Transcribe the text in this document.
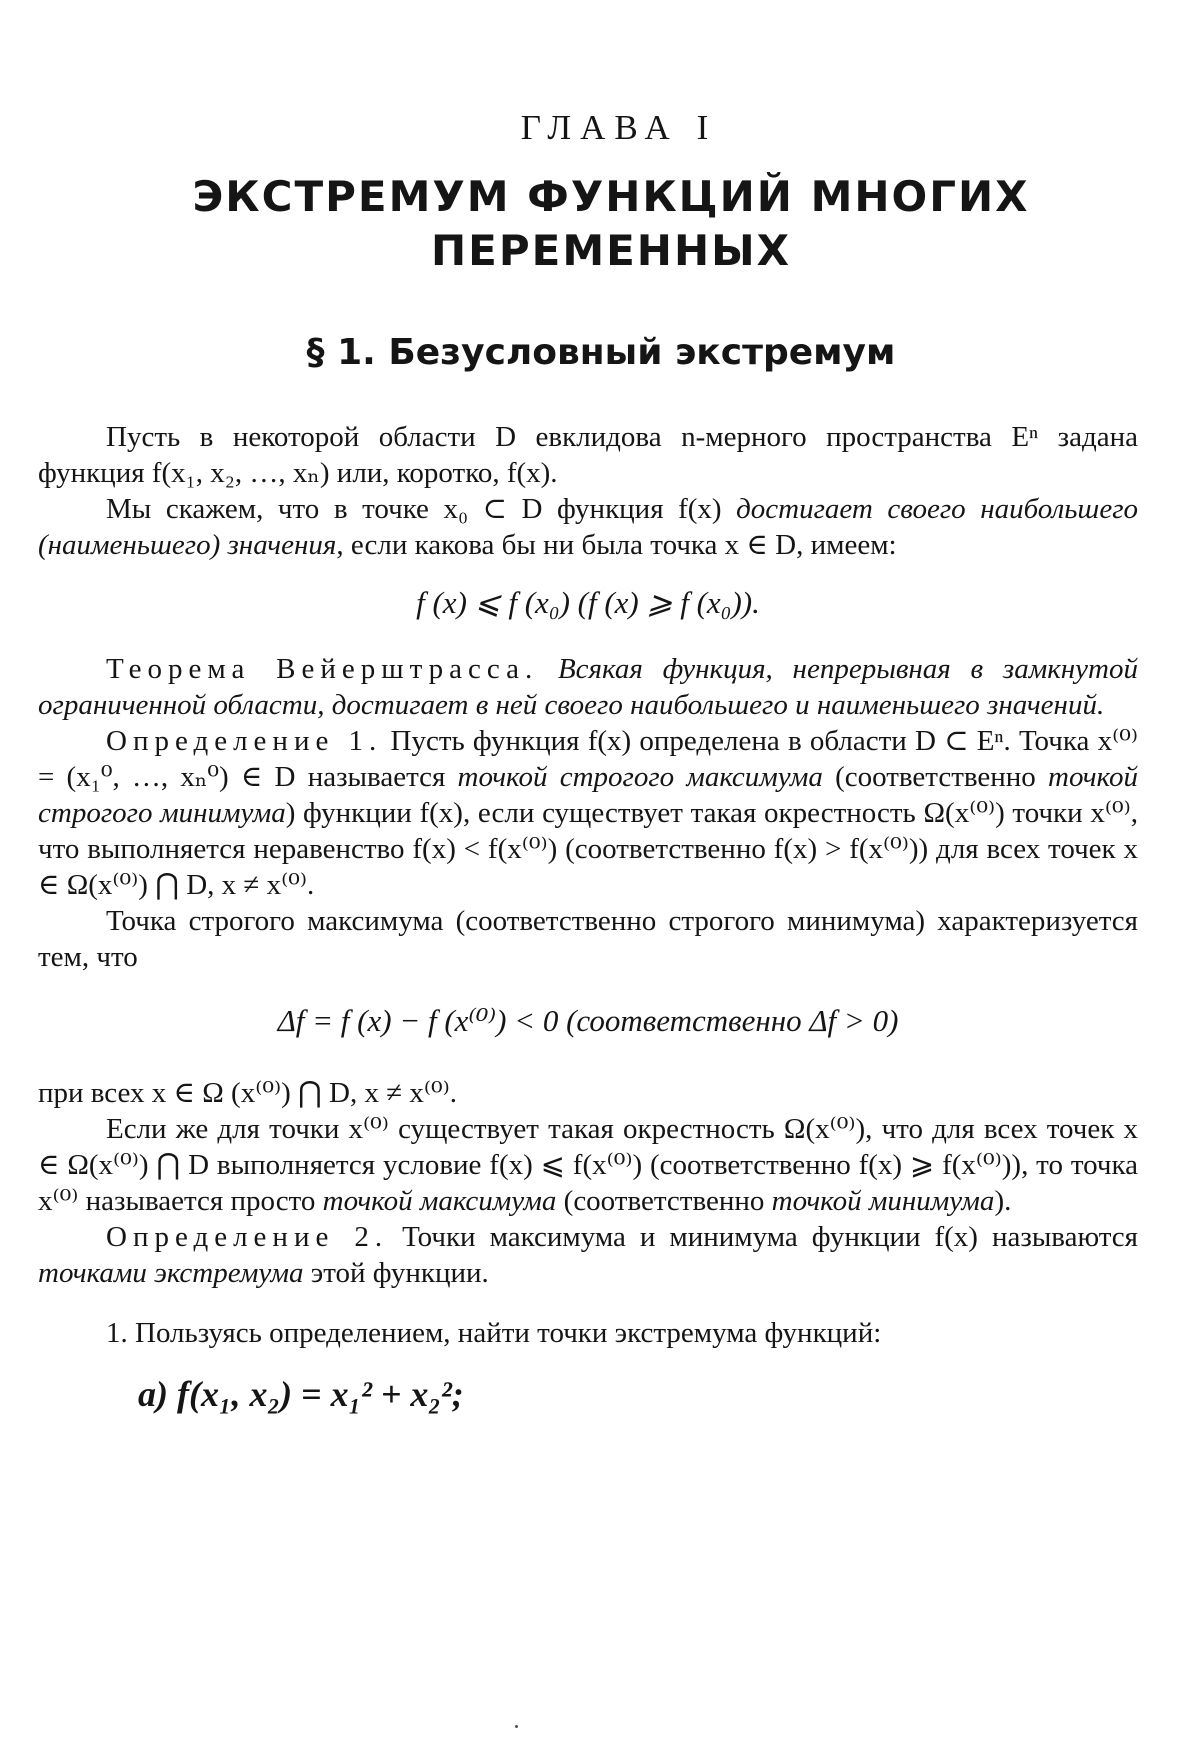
ГЛАВА I
ЭКСТРЕМУМ ФУНКЦИЙ МНОГИХ
ПЕРЕМЕННЫХ
§ 1. Безусловный экстремум

Пусть в некоторой области D евклидова n-мерного пространства Eⁿ задана функция f(x₁, x₂, …, xₙ) или, коротко, f(x).

Мы скажем, что в точке x₀ ⊂ D функция f(x) достигает своего наибольшего (наименьшего) значения, если какова бы ни была точка x ∈ D, имеем:

f (x) ⩽ f (x₀) (f (x) ⩾ f (x₀)).

Теорема Вейерштрасса. Всякая функция, непрерывная в замкнутой ограниченной области, достигает в ней своего наибольшего и наименьшего значений.

Определение 1. Пусть функция f(x) определена в области D ⊂ Eⁿ. Точка x⁽⁰⁾ = (x₁⁰, …, xₙ⁰) ∈ D называется точкой строгого максимума (соответственно точкой строгого минимума) функции f(x), если существует такая окрестность Ω(x⁽⁰⁾) точки x⁽⁰⁾, что выполняется неравенство f(x) < f(x⁽⁰⁾) (соответственно f(x) > f(x⁽⁰⁾)) для всех точек x ∈ Ω(x⁽⁰⁾) ⋂ D, x ≠ x⁽⁰⁾.

Точка строгого максимума (соответственно строгого минимума) характеризуется тем, что

Δf = f (x) − f (x⁽⁰⁾) < 0 (соответственно Δf > 0)

при всех x ∈ Ω (x⁽⁰⁾) ⋂ D, x ≠ x⁽⁰⁾.

Если же для точки x⁽⁰⁾ существует такая окрестность Ω(x⁽⁰⁾), что для всех точек x ∈ Ω(x⁽⁰⁾) ⋂ D выполняется условие f(x) ⩽ f(x⁽⁰⁾) (соответственно f(x) ⩾ f(x⁽⁰⁾)), то точка x⁽⁰⁾ называется просто точкой максимума (соответственно точкой минимума).

Определение 2. Точки максимума и минимума функции f(x) называются точками экстремума этой функции.

1. Пользуясь определением, найти точки экстремума функций:

а) f(x₁, x₂) = x₁² + x₂²;
